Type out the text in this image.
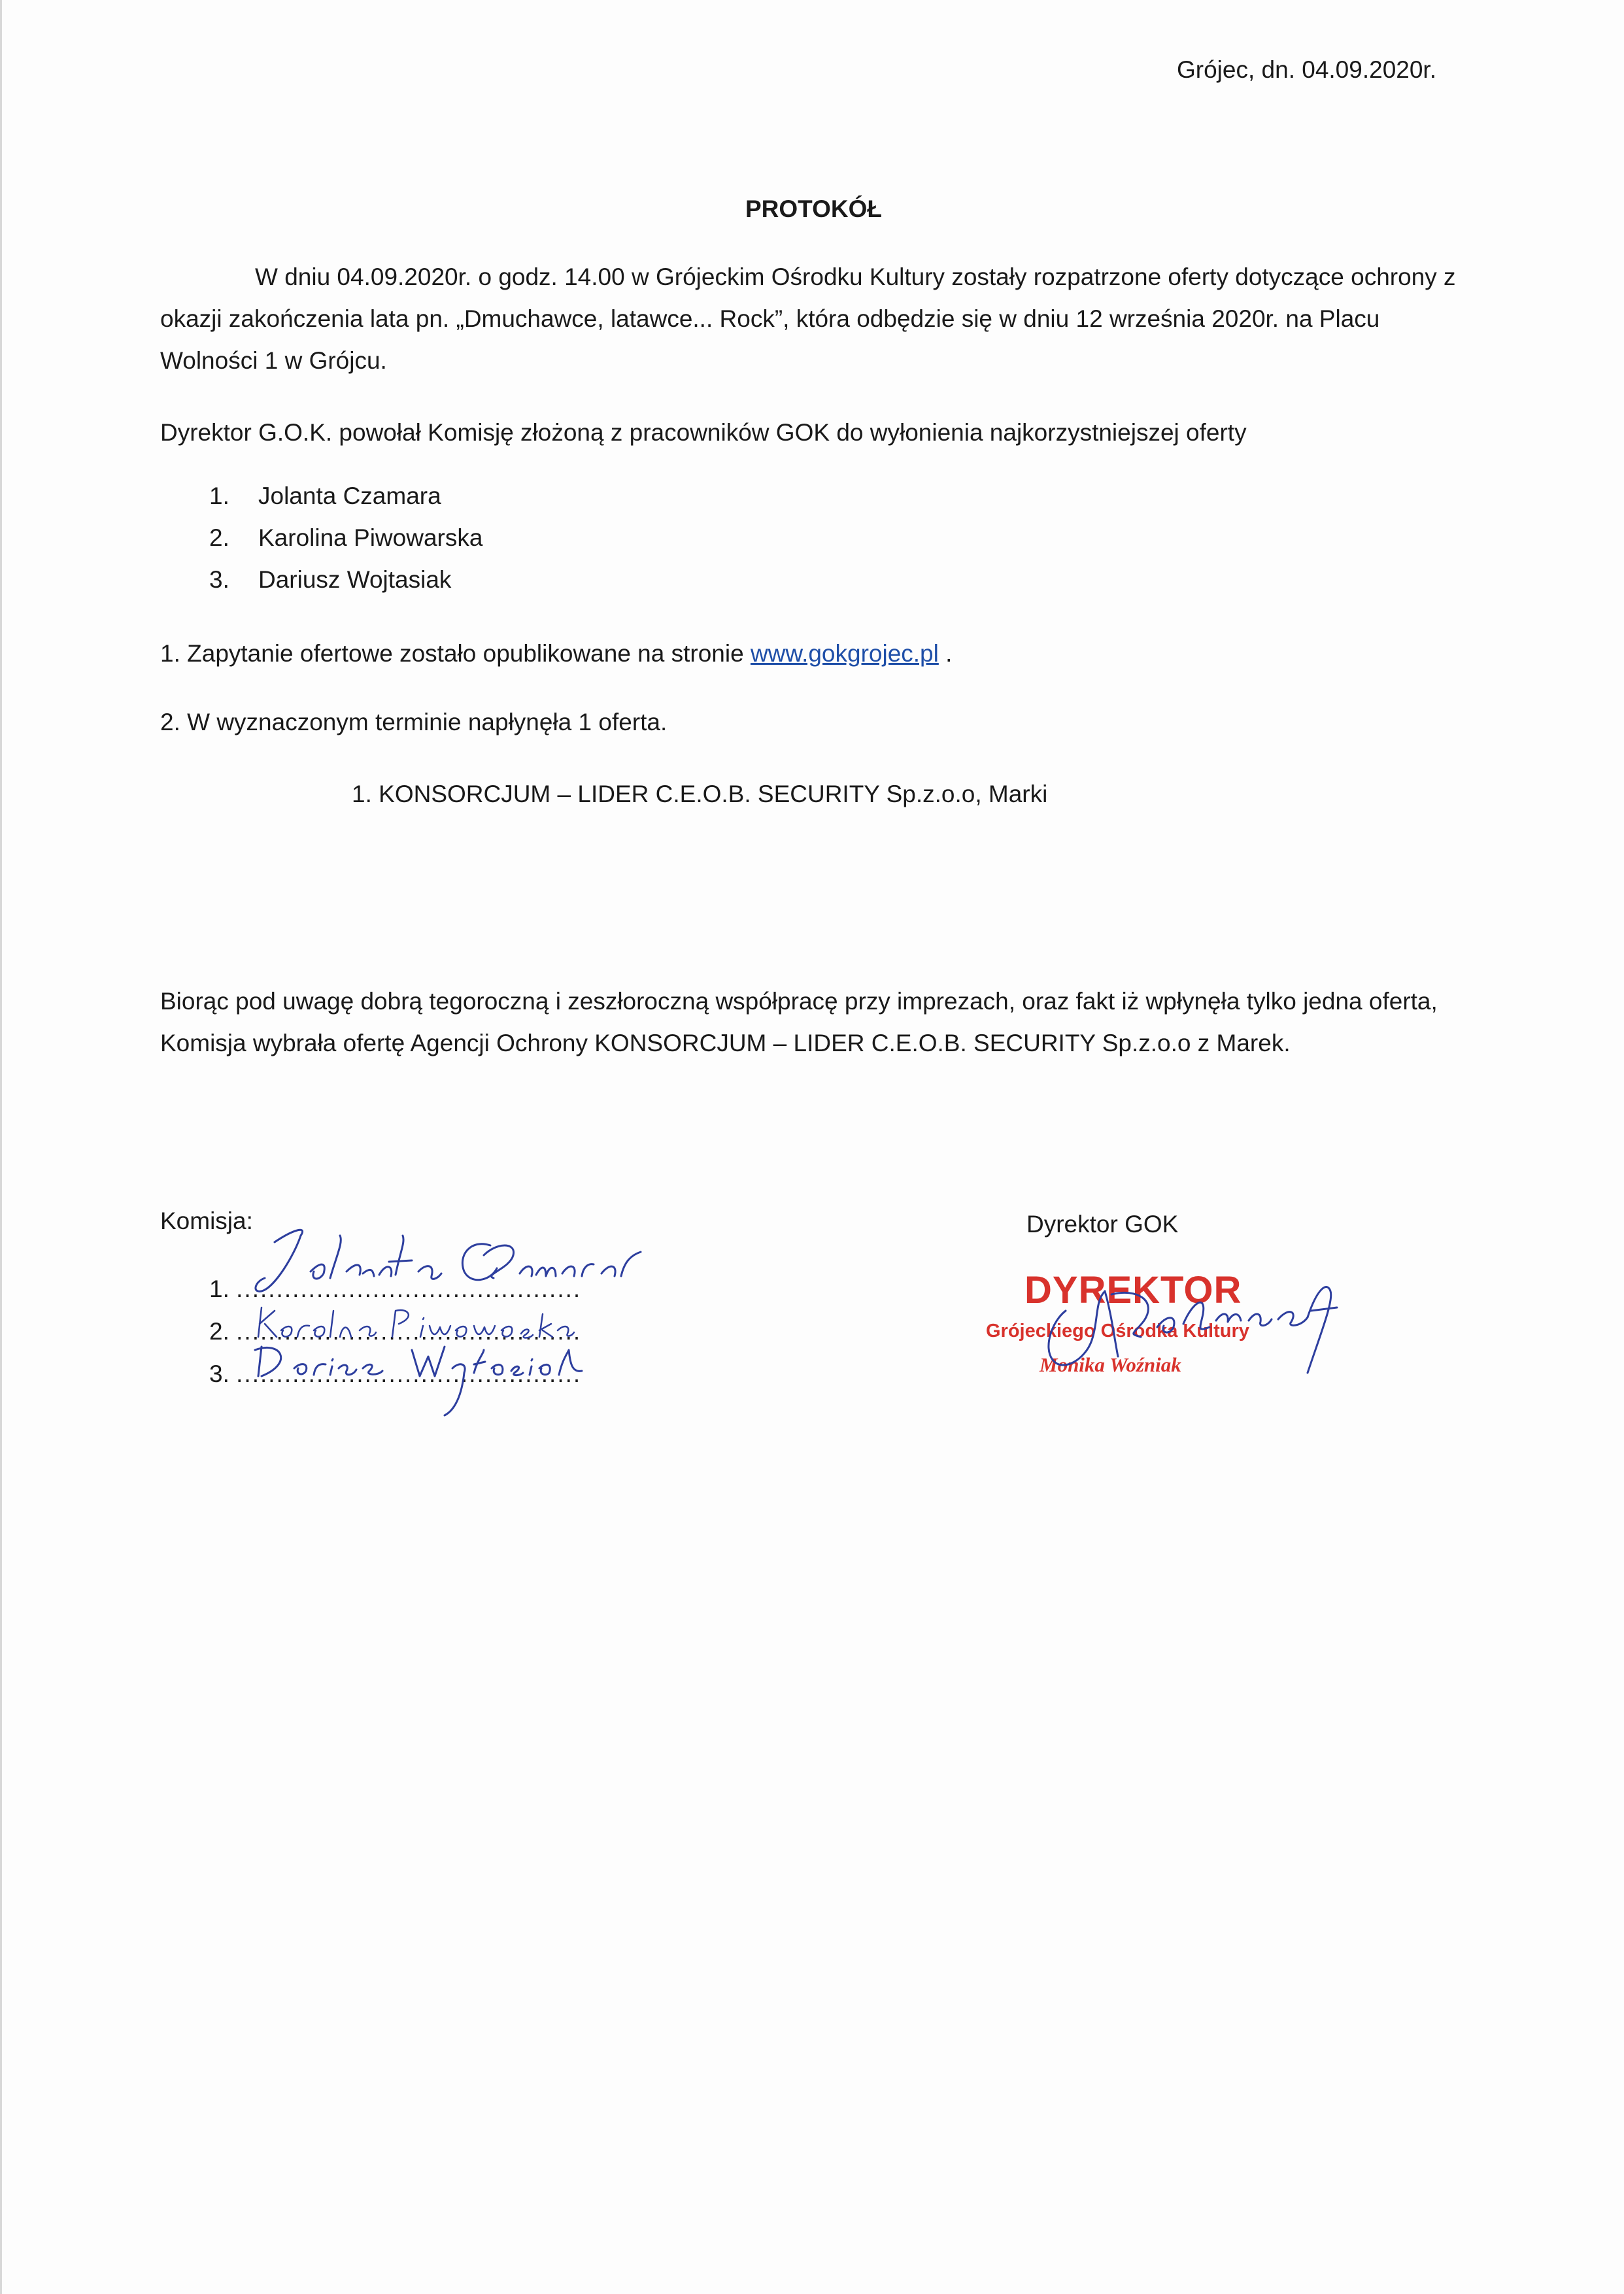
Grójec, dn. 04.09.2020r.
PROTOKÓŁ

W dniu 04.09.2020r. o godz. 14.00 w Grójeckim Ośrodku Kultury zostały rozpatrzone oferty dotyczące ochrony z okazji zakończenia lata pn. „Dmuchawce, latawce... Rock”, która odbędzie się w dniu 12 września 2020r. na Placu Wolności 1 w Grójcu.

Dyrektor G.O.K. powołał Komisję złożoną z pracowników GOK do wyłonienia najkorzystniejszej oferty

1.	Jolanta Czamara
2.	Karolina Piwowarska
3.	Dariusz Wojtasiak
1. Zapytanie ofertowe zostało opublikowane na stronie www.gokgrojec.pl .
2. W wyznaczonym terminie napłynęła 1 oferta.
1. KONSORCJUM – LIDER C.E.O.B. SECURITY Sp.z.o.o, Marki

Biorąc pod uwagę dobrą tegoroczną i zeszłoroczną współpracę przy imprezach, oraz fakt iż wpłynęła tylko jedna oferta, Komisja wybrała ofertę Agencji Ochrony KONSORCJUM – LIDER C.E.O.B. SECURITY Sp.z.o.o z Marek.

Komisja:	Dyrektor GOK
1. ...........................................
2. ...........................................
3. ...........................................
DYREKTOR
Grójeckiego Ośrodka Kultury
Monika Woźniak
